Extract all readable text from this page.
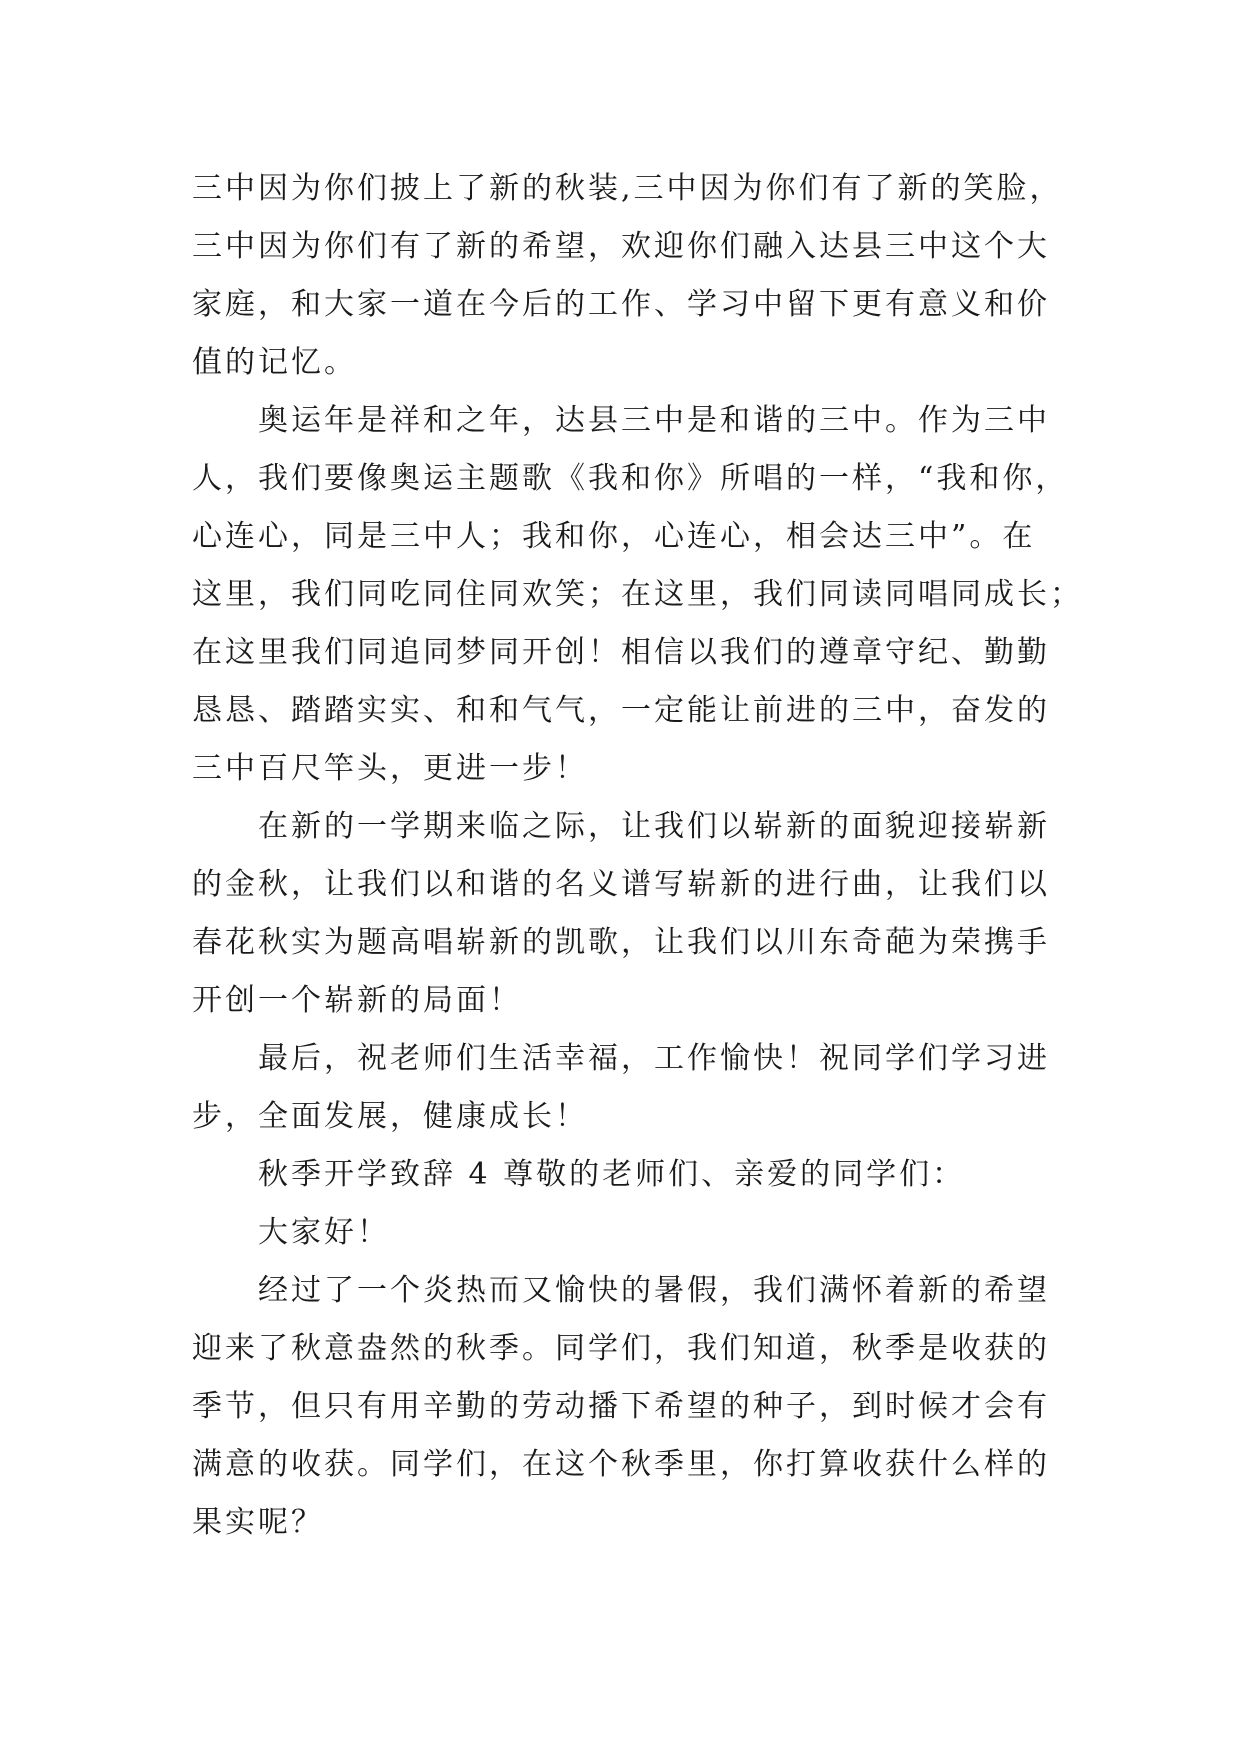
三中因为你们披上了新的秋装,三中因为你们有了新的笑脸，
三中因为你们有了新的希望，欢迎你们融入达县三中这个大
家庭，和大家一道在今后的工作、学习中留下更有意义和价
值的记忆。
奥运年是祥和之年，达县三中是和谐的三中。作为三中
人，我们要像奥运主题歌《我和你》所唱的一样，“我和你，
心连心，同是三中人；我和你，心连心，相会达三中”。在
这里，我们同吃同住同欢笑；在这里，我们同读同唱同成长；
在这里我们同追同梦同开创！相信以我们的遵章守纪、勤勤
恳恳、踏踏实实、和和气气，一定能让前进的三中，奋发的
三中百尺竿头，更进一步！
在新的一学期来临之际，让我们以崭新的面貌迎接崭新
的金秋，让我们以和谐的名义谱写崭新的进行曲，让我们以
春花秋实为题高唱崭新的凯歌，让我们以川东奇葩为荣携手
开创一个崭新的局面！
最后，祝老师们生活幸福，工作愉快！祝同学们学习进
步，全面发展，健康成长！
秋季开学致辞 4 尊敬的老师们、亲爱的同学们：
大家好！
经过了一个炎热而又愉快的暑假，我们满怀着新的希望
迎来了秋意盎然的秋季。同学们，我们知道，秋季是收获的
季节，但只有用辛勤的劳动播下希望的种子，到时候才会有
满意的收获。同学们，在这个秋季里，你打算收获什么样的
果实呢？
